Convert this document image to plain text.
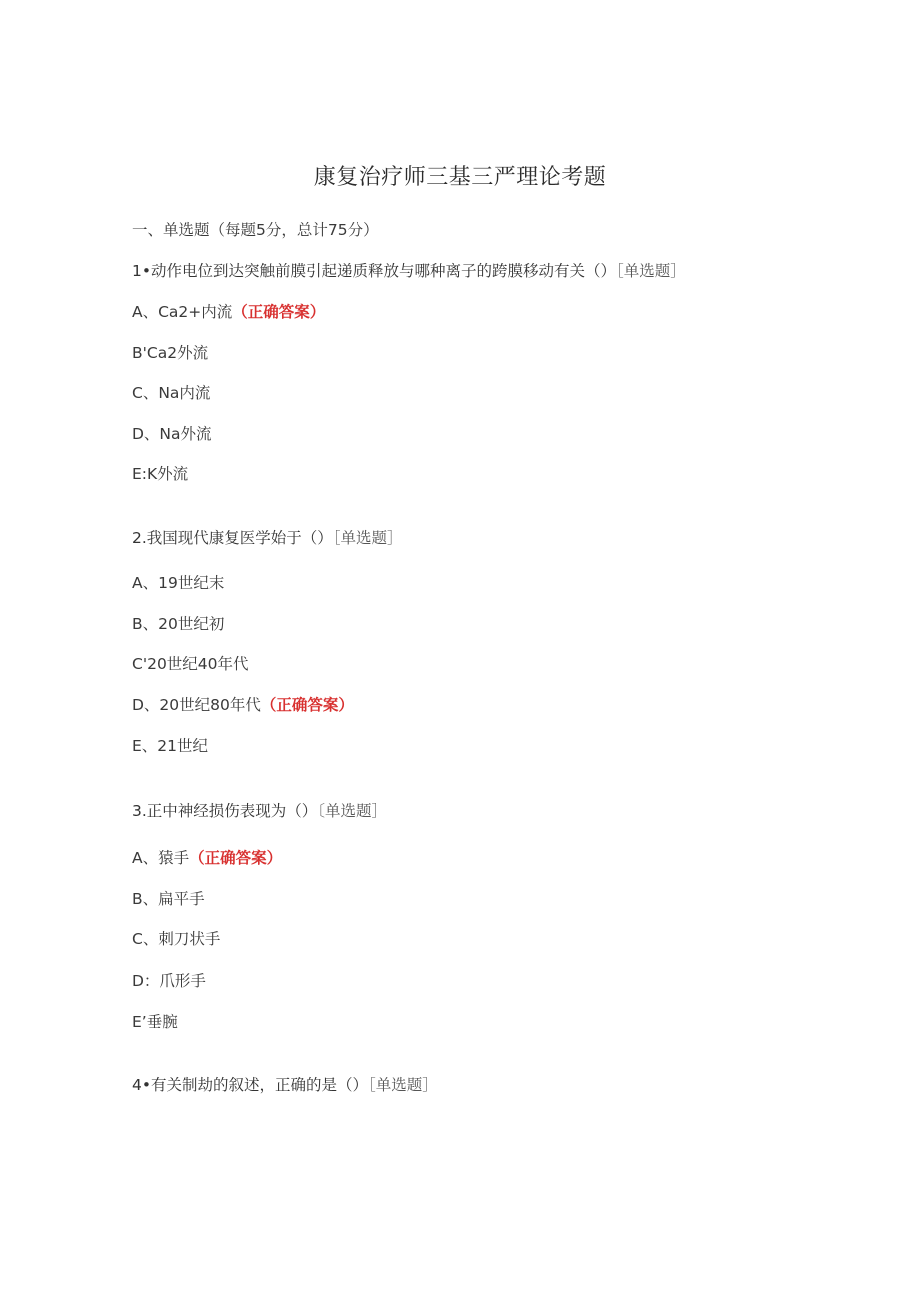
康复治疗师三基三严理论考题
一、单选题（每题5分，总计75分）
1•动作电位到达突触前膜引起递质释放与哪种离子的跨膜移动有关（）［单选题］
A、Ca2+内流（正确答案）
B'Ca2外流
C、Na内流
D、Na外流
E:K外流
2.我国现代康复医学始于（）［单选题］
A、19世纪末
B、20世纪初
C'20世纪40年代
D、20世纪80年代（正确答案）
E、21世纪
3.正中神经损伤表现为（）〔单选题］
A、猿手（正确答案）
B、扁平手
C、刺刀状手
D：爪形手
E’垂腕
4•有关制劫的叙述，正确的是（）［单选题］
